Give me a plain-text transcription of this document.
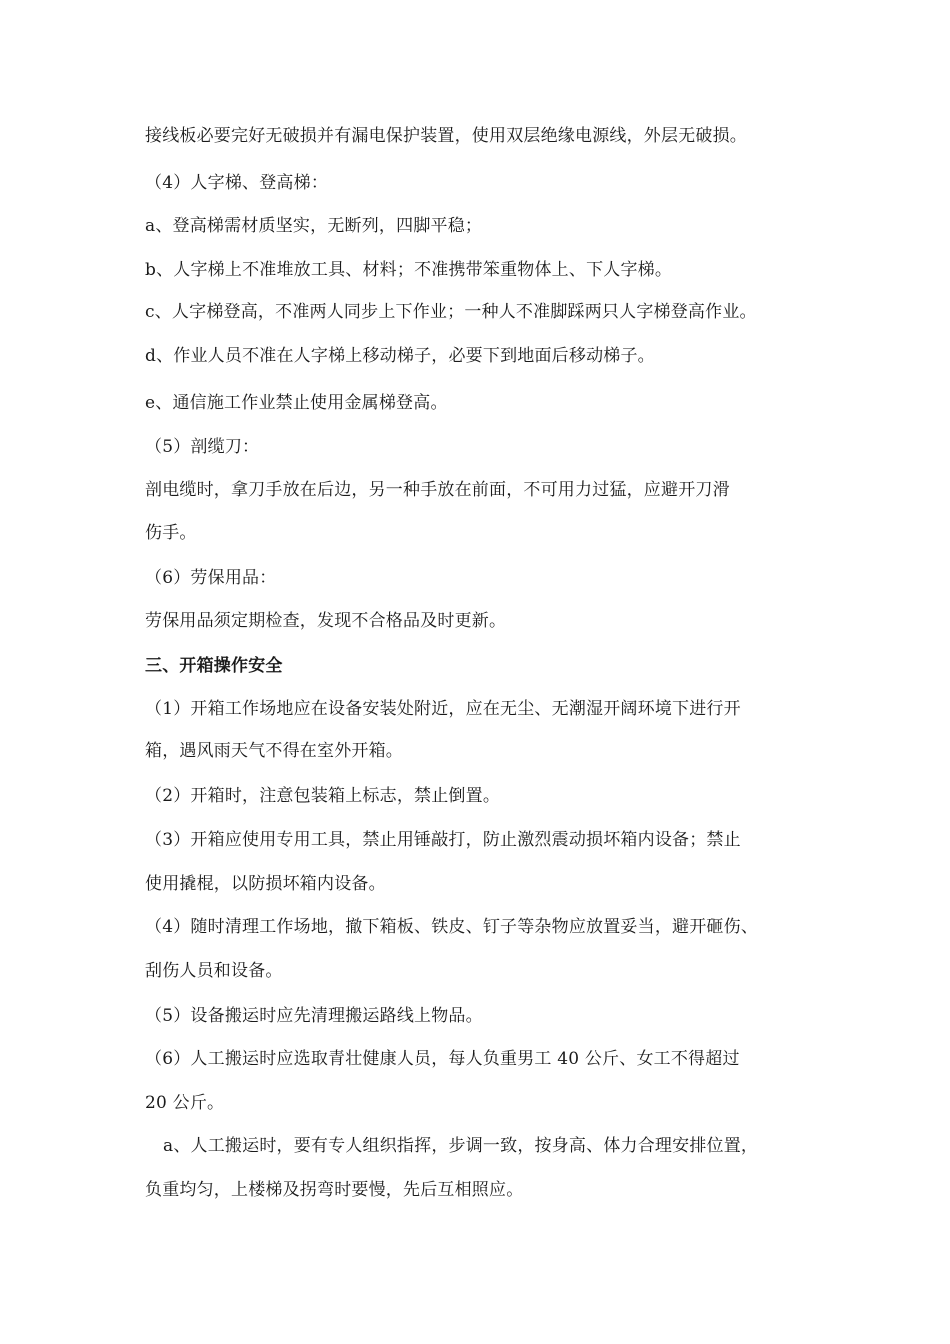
接线板必要完好无破损并有漏电保护装置，使用双层绝缘电源线，外层无破损。
（4）人字梯、登高梯：
a、登高梯需材质坚实，无断列，四脚平稳；
b、人字梯上不准堆放工具、材料；不准携带笨重物体上、下人字梯。
c、人字梯登高，不准两人同步上下作业；一种人不准脚踩两只人字梯登高作业。
d、作业人员不准在人字梯上移动梯子，必要下到地面后移动梯子。
e、通信施工作业禁止使用金属梯登高。
（5）剖缆刀：
剖电缆时，拿刀手放在后边，另一种手放在前面，不可用力过猛，应避开刀滑
伤手。
（6）劳保用品：
劳保用品须定期检查，发现不合格品及时更新。
三、开箱操作安全
（1）开箱工作场地应在设备安装处附近，应在无尘、无潮湿开阔环境下进行开
箱，遇风雨天气不得在室外开箱。
（2）开箱时，注意包装箱上标志，禁止倒置。
（3）开箱应使用专用工具，禁止用锤敲打，防止激烈震动损坏箱内设备；禁止
使用撬棍，以防损坏箱内设备。
（4）随时清理工作场地，撤下箱板、铁皮、钉子等杂物应放置妥当，避开砸伤、
刮伤人员和设备。
（5）设备搬运时应先清理搬运路线上物品。
（6）人工搬运时应选取青壮健康人员，每人负重男工 40 公斤、女工不得超过
20 公斤。
a、人工搬运时，要有专人组织指挥，步调一致，按身高、体力合理安排位置，
负重均匀，上楼梯及拐弯时要慢，先后互相照应。
